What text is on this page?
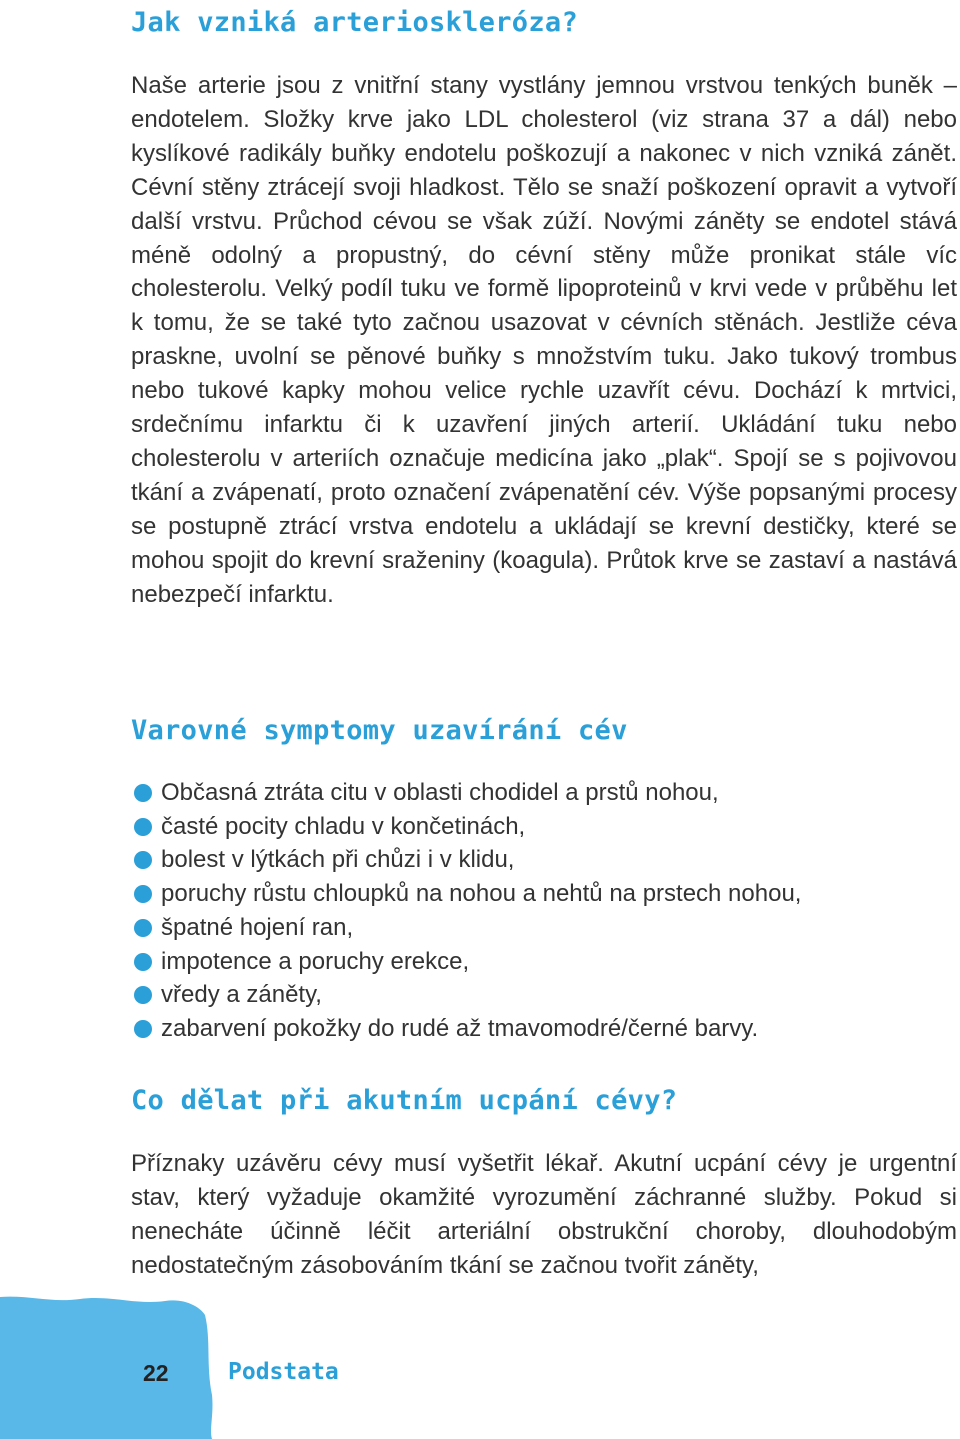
Jak vzniká arterioskleróza?

Naše arterie jsou z vnitřní stany vystlány jemnou vrstvou tenkých buněk – endotelem. Složky krve jako LDL cholesterol (viz strana 37 a dál) nebo kyslíkové radikály buňky endotelu poškozují a nakonec v nich vzniká zánět. Cévní stěny ztrácejí svoji hladkost. Tělo se snaží poškození opravit a vytvoří další vrstvu. Průchod cévou se však zúží. Novými záněty se endotel stává méně odolný a propustný, do cévní stěny může pronikat stále víc cholesterolu. Velký podíl tuku ve formě lipoproteinů v krvi vede v průběhu let k tomu, že se také tyto začnou usazovat v cévních stěnách. Jestliže céva praskne, uvolní se pěnové buňky s množstvím tuku. Jako tukový trombus nebo tukové kapky mohou velice rychle uzavřít cévu. Dochází k mrtvici, srdečnímu infarktu či k uzavření jiných arterií. Ukládání tuku nebo cholesterolu v arteriích označuje medicína jako „plak“. Spojí se s pojivovou tkání a zvápenatí, proto označení zvápenatění cév. Výše popsanými procesy se postupně ztrácí vrstva endotelu a ukládají se krevní destičky, které se mohou spojit do krevní sraženiny (koagula). Průtok krve se zastaví a nastává nebezpečí infarktu.

Varovné symptomy uzavírání cév
Občasná ztráta citu v oblasti chodidel a prstů nohou,
časté pocity chladu v končetinách,
bolest v lýtkách při chůzi i v klidu,
poruchy růstu chloupků na nohou a nehtů na prstech nohou,
špatné hojení ran,
impotence a poruchy erekce,
vředy a záněty,
zabarvení pokožky do rudé až tmavomodré/černé barvy.
Co dělat při akutním ucpání cévy?

Příznaky uzávěru cévy musí vyšetřit lékař. Akutní ucpání cévy je urgentní stav, který vyžaduje okamžité vyrozumění záchranné služby. Pokud si nenecháte účinně léčit arteriální obstrukční choroby, dlouhodobým nedostatečným zásobováním tkání se začnou tvořit záněty,

22	Podstata
